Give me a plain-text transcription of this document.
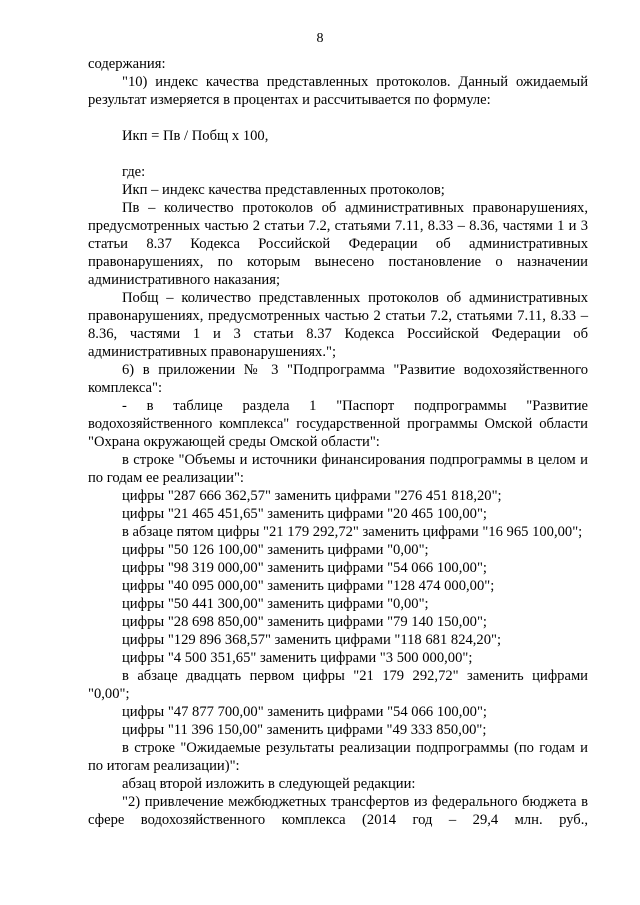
8

содержания:

"10) индекс качества представленных протоколов. Данный ожидаемый результат измеряется в процентах и рассчитывается по формуле:

Икп = Пв / Побщ х 100,

где:

Икп – индекс качества представленных протоколов;

Пв – количество протоколов об административных правонарушениях, предусмотренных частью 2 статьи 7.2, статьями 7.11, 8.33 – 8.36, частями 1 и 3 статьи 8.37 Кодекса Российской Федерации об административных правонарушениях, по которым вынесено постановление о назначении административного наказания;

Побщ – количество представленных протоколов об административных правонарушениях, предусмотренных частью 2 статьи 7.2, статьями 7.11, 8.33 – 8.36, частями 1 и 3 статьи 8.37 Кодекса Российской Федерации об административных правонарушениях.";

6) в приложении № 3 "Подпрограмма "Развитие водохозяйственного комплекса":

- в таблице раздела 1 "Паспорт подпрограммы "Развитие водохозяйственного комплекса" государственной программы Омской области "Охрана окружающей среды Омской области":

в строке "Объемы и источники финансирования подпрограммы в целом и по годам ее реализации":

цифры "287 666 362,57" заменить цифрами "276 451 818,20";

цифры "21 465 451,65" заменить цифрами "20 465 100,00";

в абзаце пятом цифры "21 179 292,72" заменить цифрами "16 965 100,00";

цифры "50 126 100,00" заменить цифрами "0,00";

цифры "98 319 000,00" заменить цифрами "54 066 100,00";

цифры "40 095 000,00" заменить цифрами "128 474 000,00";

цифры "50 441 300,00" заменить цифрами "0,00";

цифры "28 698 850,00" заменить цифрами "79 140 150,00";

цифры "129 896 368,57" заменить цифрами "118 681 824,20";

цифры "4 500 351,65" заменить цифрами "3 500 000,00";

в абзаце двадцать первом цифры "21 179 292,72" заменить цифрами "0,00";

цифры "47 877 700,00" заменить цифрами "54 066 100,00";

цифры "11 396 150,00" заменить цифрами "49 333 850,00";

в строке "Ожидаемые результаты реализации подпрограммы (по годам и по итогам реализации)":

абзац второй изложить в следующей редакции:

"2) привлечение межбюджетных трансфертов из федерального бюджета в сфере водохозяйственного комплекса (2014 год – 29,4 млн. руб.,
